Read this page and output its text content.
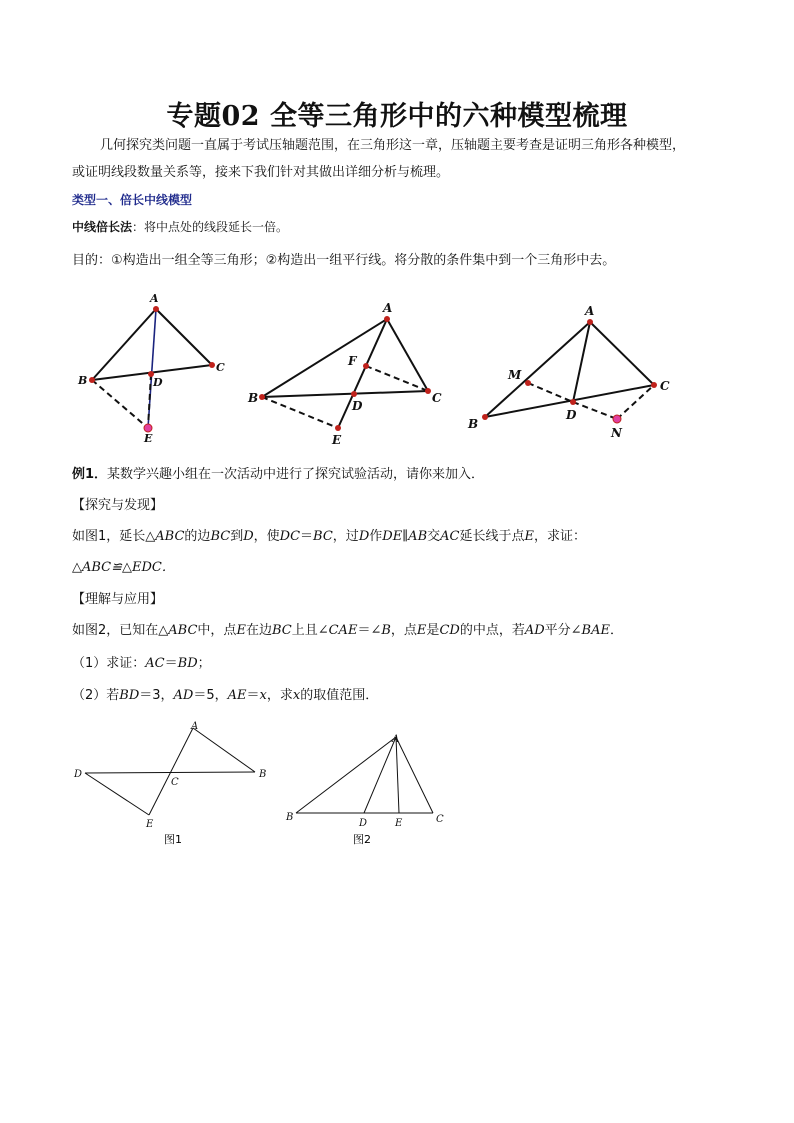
专题02 全等三角形中的六种模型梳理
几何探究类问题一直属于考试压轴题范围，在三角形这一章，压轴题主要考查是证明三角形各种模型，
或证明线段数量关系等，接来下我们针对其做出详细分析与梳理。
类型一、倍长中线模型
中线倍长法：将中点处的线段延长一倍。
目的：①构造出一组全等三角形；②构造出一组平行线。将分散的条件集中到一个三角形中去。
A
B
C
D
E
A
B	C
F
D
E
A
B
C
M
D
N
例1．某数学兴趣小组在一次活动中进行了探究试验活动，请你来加入．
【探究与发现】
如图1，延长△ABC的边BC到D，使DC＝BC，过D作DE∥AB交AC延长线于点E，求证：
△ABC≌△EDC．
【理解与应用】
如图2，已知在△ABC中，点E在边BC上且∠CAE＝∠B，点E是CD的中点，若AD平分∠BAE．
（1）求证：AC＝BD；
（2）若BD＝3，AD＝5，AE＝x，求x的取值范围．
A
D	B
C
E
图1
A
B	C
D	E
图2
